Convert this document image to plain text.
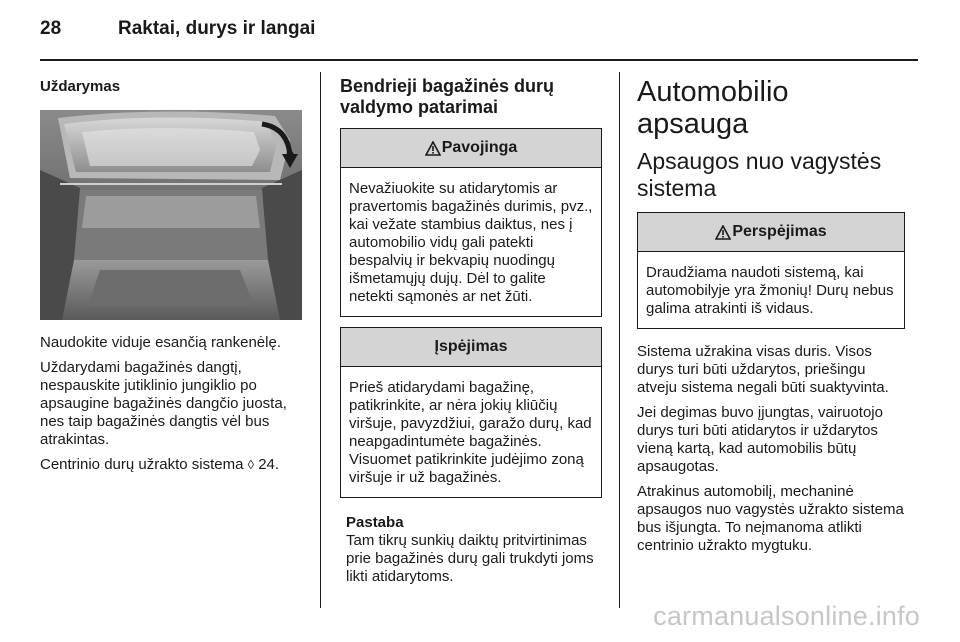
28	Raktai, durys ir langai
Uždarymas

Naudokite viduje esančią rankenėlę.

Uždarydami bagažinės dangtį, nespauskite jutiklinio jungiklio po apsaugine bagažinės dangčio juosta, nes taip bagažinės dangtis vėl bus atrakintas.

Centrinio durų užrakto sistema ◊ 24.

Bendrieji bagažinės durų valdymo patarimai
Pavojinga
Nevažiuokite su atidarytomis ar pravertomis bagažinės durimis, pvz., kai vežate stambius daiktus, nes į automobilio vidų gali patekti bespalvių ir bekvapių nuodingų išmetamųjų dujų. Dėl to galite netekti sąmonės ar net žūti.
Įspėjimas
Prieš atidarydami bagažinę, patikrinkite, ar nėra jokių kliūčių viršuje, pavyzdžiui, garažo durų, kad neapgadintumėte bagažinės. Visuomet patikrinkite judėjimo zoną viršuje ir už bagažinės.
Pastaba
Tam tikrų sunkių daiktų pritvirtinimas prie bagažinės durų gali trukdyti joms likti atidarytoms.
Automobilio apsauga
Apsaugos nuo vagystės sistema
Perspėjimas
Draudžiama naudoti sistemą, kai automobilyje yra žmonių! Durų nebus galima atrakinti iš vidaus.

Sistema užrakina visas duris. Visos durys turi būti uždarytos, priešingu atveju sistema negali būti suaktyvinta.

Jei degimas buvo įjungtas, vairuotojo durys turi būti atidarytos ir uždarytos vieną kartą, kad automobilis būtų apsaugotas.

Atrakinus automobilį, mechaninė apsaugos nuo vagystės užrakto sistema bus išjungta. To neįmanoma atlikti centrinio užrakto mygtuku.

carmanualsonline.info
